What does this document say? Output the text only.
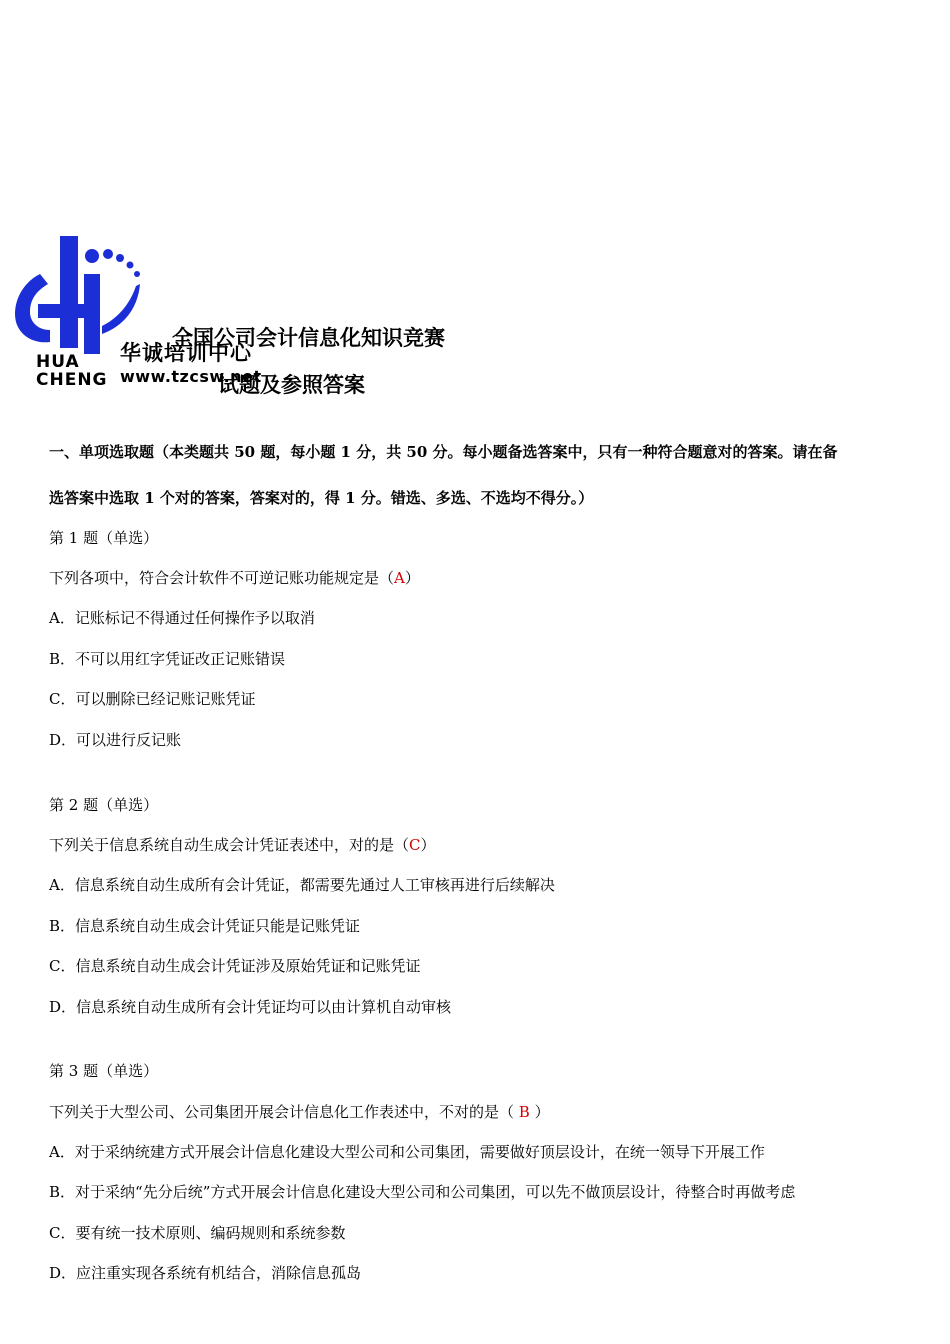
HUA
CHENG
华诚培训中心
www.tzcsw.net
全国公司会计信息化知识竞赛
试题及参照答案
一、单项选取题（本类题共 50 题，每小题 1 分，共 50 分。每小题备选答案中，只有一种符合题意对的答案。请在备
选答案中选取 1 个对的答案，答案对的，得 1 分。错选、多选、不选均不得分。）
第 1 题（单选）
下列各项中，符合会计软件不可逆记账功能规定是（A）
A．记账标记不得通过任何操作予以取消
B．不可以用红字凭证改正记账错误
C．可以删除已经记账记账凭证
D．可以进行反记账
第 2 题（单选）
下列关于信息系统自动生成会计凭证表述中，对的是（C）
A．信息系统自动生成所有会计凭证，都需要先通过人工审核再进行后续解决
B．信息系统自动生成会计凭证只能是记账凭证
C．信息系统自动生成会计凭证涉及原始凭证和记账凭证
D．信息系统自动生成所有会计凭证均可以由计算机自动审核
第 3 题（单选）
下列关于大型公司、公司集团开展会计信息化工作表述中，不对的是（ B ）
A．对于采纳统建方式开展会计信息化建设大型公司和公司集团，需要做好顶层设计，在统一领导下开展工作
B．对于采纳“先分后统”方式开展会计信息化建设大型公司和公司集团，可以先不做顶层设计，待整合时再做考虑
C．要有统一技术原则、编码规则和系统参数
D．应注重实现各系统有机结合，消除信息孤岛
